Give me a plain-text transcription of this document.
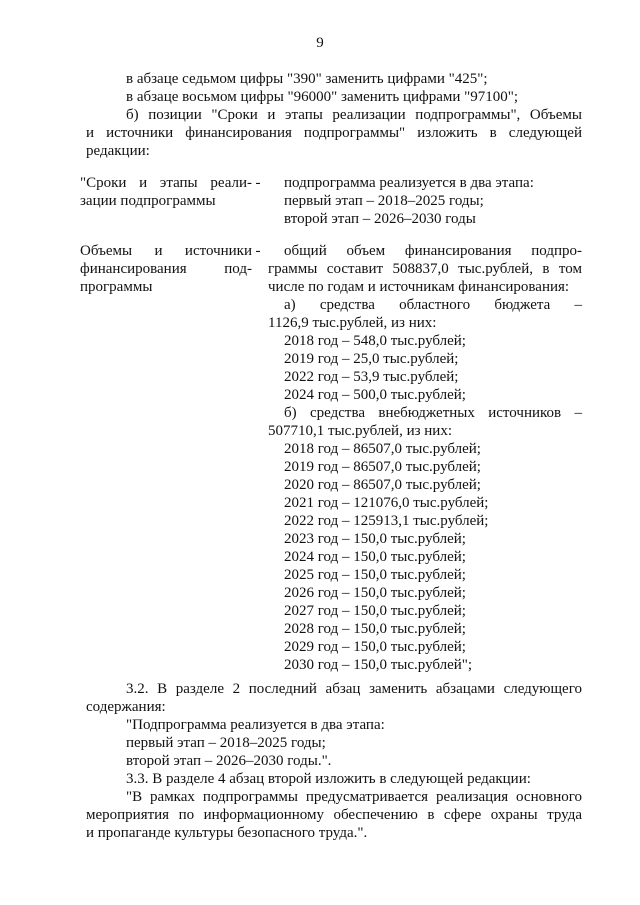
9

в абзаце седьмом цифры "390" заменить цифрами "425";

в абзаце восьмом цифры "96000" заменить цифрами "97100";

б) позиции "Сроки и этапы реализации подпрограммы", Объемы

и источники финансирования подпрограммы" изложить в следующей

редакции:

"Сроки и этапы реали-

зации подпрограммы

- подпрограмма реализуется в два этапа:

первый этап – 2018–2025 годы;

второй этап – 2026–2030 годы

Объемы и источники

финансирования под-

программы

-	общий объем финансирования подпро-

граммы составит 508837,0 тыс.рублей, в том

числе по годам и источникам финансирования:

а) средства областного бюджета –

1126,9 тыс.рублей, из них:

2018 год – 548,0 тыс.рублей;

2019 год – 25,0 тыс.рублей;

2022 год – 53,9 тыс.рублей;

2024 год – 500,0 тыс.рублей;

б) средства внебюджетных источников –

507710,1 тыс.рублей, из них:

2018 год – 86507,0 тыс.рублей;

2019 год – 86507,0 тыс.рублей;

2020 год – 86507,0 тыс.рублей;

2021 год – 121076,0 тыс.рублей;

2022 год – 125913,1 тыс.рублей;

2023 год – 150,0 тыс.рублей;

2024 год – 150,0 тыс.рублей;

2025 год – 150,0 тыс.рублей;

2026 год – 150,0 тыс.рублей;

2027 год – 150,0 тыс.рублей;

2028 год – 150,0 тыс.рублей;

2029 год – 150,0 тыс.рублей;

2030 год – 150,0 тыс.рублей";

3.2. В разделе 2 последний абзац заменить абзацами следующего

содержания:

"Подпрограмма реализуется в два этапа:

первый этап – 2018–2025 годы;

второй этап – 2026–2030 годы.".

3.3. В разделе 4 абзац второй изложить в следующей редакции:

"В рамках подпрограммы предусматривается реализация основного

мероприятия по информационному обеспечению в сфере охраны труда

и пропаганде культуры безопасного труда.".
